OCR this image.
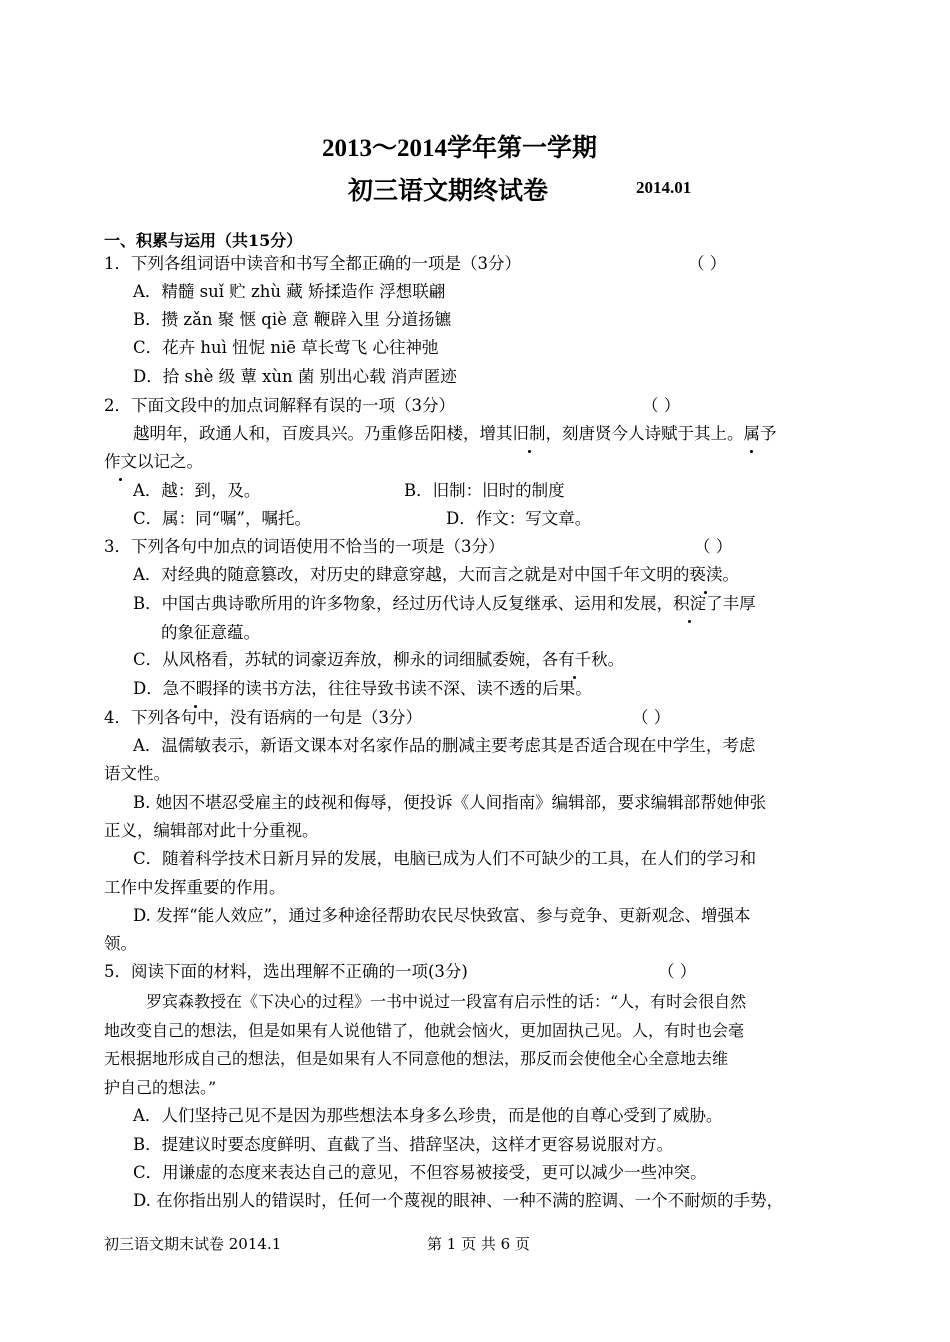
2013～2014学年第一学期
初三语文期终试卷	2014.01
一、积累与运用（共15分）
1．下列各组词语中读音和书写全都正确的一项是（3分）	（ ）
A．精髓 suǐ 贮 zhù 藏 矫揉造作 浮想联翩
B．攒 zǎn 聚 惬 qiè 意 鞭辟入里 分道扬镳
C．花卉 huì 忸怩 niē 草长莺飞 心往神弛
D．拾 shè 级 蕈 xùn 菌 别出心载 消声匿迹
2．下面文段中的加点词解释有误的一项（3分）	（ ）
越明年，政通人和，百废具兴。乃重修岳阳楼，增其旧制，刻唐贤今人诗赋于其上。属予
作文以记之。
A．越：到，及。	B．旧制：旧时的制度
C．属：同“嘱”，嘱托。	D．作文：写文章。
3．下列各句中加点的词语使用不恰当的一项是（3分）	（ ）
A．对经典的随意篡改，对历史的肆意穿越，大而言之就是对中国千年文明的亵渎。
B．中国古典诗歌所用的许多物象，经过历代诗人反复继承、运用和发展，积淀了丰厚
的象征意蕴。
C．从风格看，苏轼的词豪迈奔放，柳永的词细腻委婉，各有千秋。
D．急不暇择的读书方法，往往导致书读不深、读不透的后果。
4．下列各句中，没有语病的一句是（3分）	（ ）
A．温儒敏表示，新语文课本对名家作品的删减主要考虑其是否适合现在中学生，考虑
语文性。
B. 她因不堪忍受雇主的歧视和侮辱，便投诉《人间指南》编辑部，要求编辑部帮她伸张
正义，编辑部对此十分重视。
C．随着科学技术日新月异的发展，电脑已成为人们不可缺少的工具，在人们的学习和
工作中发挥重要的作用。
D. 发挥“能人效应”，通过多种途径帮助农民尽快致富、参与竞争、更新观念、增强本
领。
5．阅读下面的材料，选出理解不正确的一项(3分)	（ ）
罗宾森教授在《下决心的过程》一书中说过一段富有启示性的话：“人，有时会很自然
地改变自己的想法，但是如果有人说他错了，他就会恼火，更加固执己见。人，有时也会毫
无根据地形成自己的想法，但是如果有人不同意他的想法，那反而会使他全心全意地去维
护自己的想法。”
A．人们坚持己见不是因为那些想法本身多么珍贵，而是他的自尊心受到了威胁。
B．提建议时要态度鲜明、直截了当、措辞坚决，这样才更容易说服对方。
C．用谦虚的态度来表达自己的意见，不但容易被接受，更可以减少一些冲突。
D. 在你指出别人的错误时，任何一个蔑视的眼神、一种不满的腔调、一个不耐烦的手势，
初三语文期末试卷 2014.1	第 1 页 共 6 页
